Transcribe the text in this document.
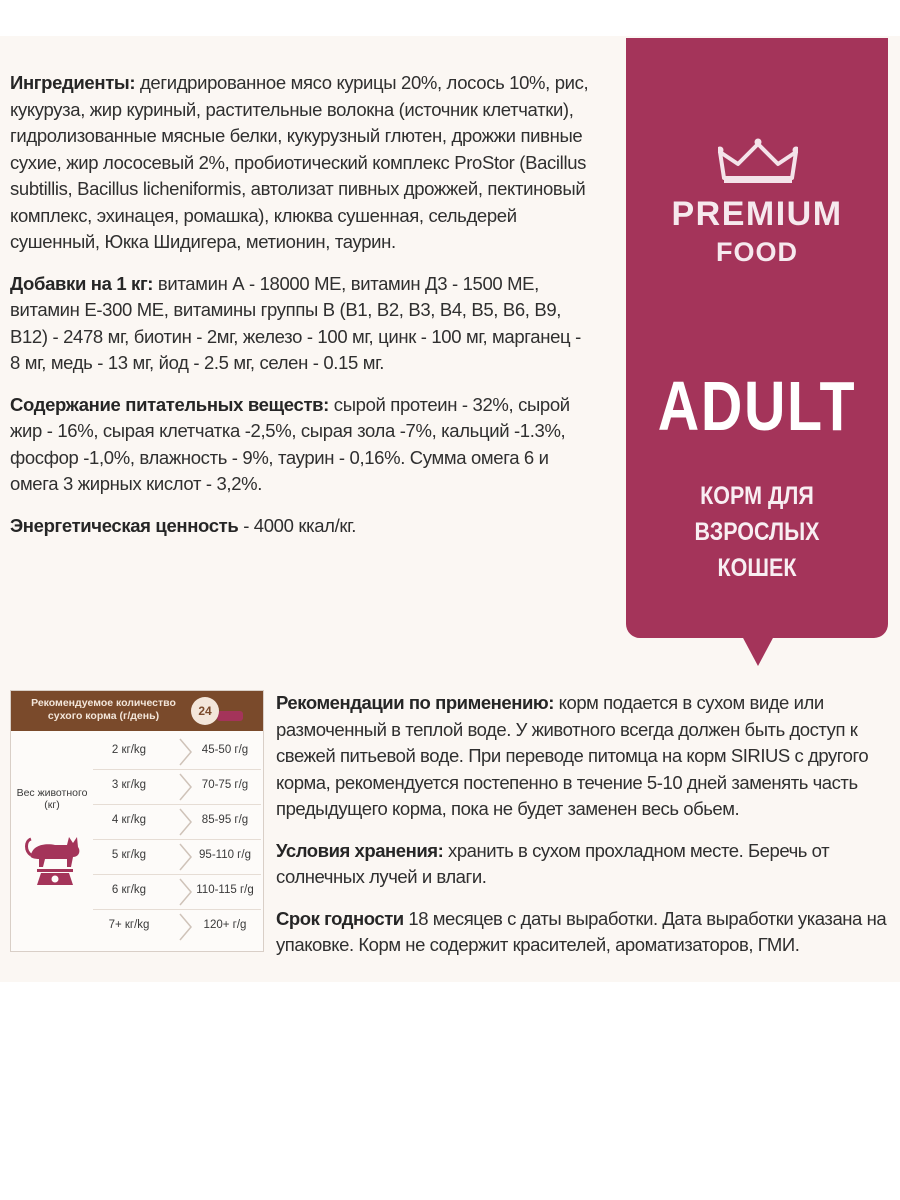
Ингредиенты: дегидрированное мясо курицы 20%, лосось 10%, рис, кукуруза, жир куриный, растительные волокна (источник клетчатки), гидролизованные мясные белки, кукурузный глютен, дрожжи пивные сухие, жир лососевый 2%, пробиотический комплекс ProStor (Bacillus subtillis, Bacillus licheniformis, автолизат пивных дрожжей, пектиновый комплекс, эхинацея, ромашка), клюква сушенная, сельдерей сушенный, Юкка Шидигера, метионин, таурин.

Добавки на 1 кг: витамин А - 18000 МЕ, витамин Д3 - 1500 МЕ, витамин Е-300 МЕ, витамины группы В (В1, В2, В3, В4, В5, В6, В9, В12) - 2478 мг, биотин - 2мг, железо - 100 мг, цинк - 100 мг, марганец - 8 мг, медь - 13 мг, йод - 2.5 мг, селен - 0.15 мг.

Содержание питательных веществ: сырой протеин - 32%, сырой жир - 16%, сырая клетчатка -2,5%, сырая зола -7%, кальций -1.3%, фосфор -1,0%, влажность - 9%, таурин - 0,16%. Сумма омега 6 и омега 3 жирных кислот - 3,2%.

Энергетическая ценность - 4000 ккал/кг.

PREMIUM
FOOD
ADULT
КОРМ ДЛЯ
ВЗРОСЛЫХ
КОШЕК
Рекомендуемое количество сухого корма (г/день)	24
Вес животного (кг)
2 кг/kg	45-50 г/g
3 кг/kg	70-75 г/g
4 кг/kg	85-95 г/g
5 кг/kg	95-110 г/g
6 кг/kg	110-115 г/g
7+ кг/kg	120+ г/g

Рекомендации по применению: корм подается в сухом виде или размоченный в теплой воде. У животного всегда должен быть доступ к свежей питьевой воде. При переводе питомца на корм SIRIUS с другого корма, рекомендуется постепенно в течение 5-10 дней заменять часть предыдущего корма, пока не будет заменен весь обьем.

Условия хранения: хранить в сухом прохладном месте. Беречь от солнечных лучей и влаги.

Срок годности 18 месяцев с даты выработки. Дата выработки указана на упаковке. Корм не содержит красителей, ароматизаторов, ГМИ.
